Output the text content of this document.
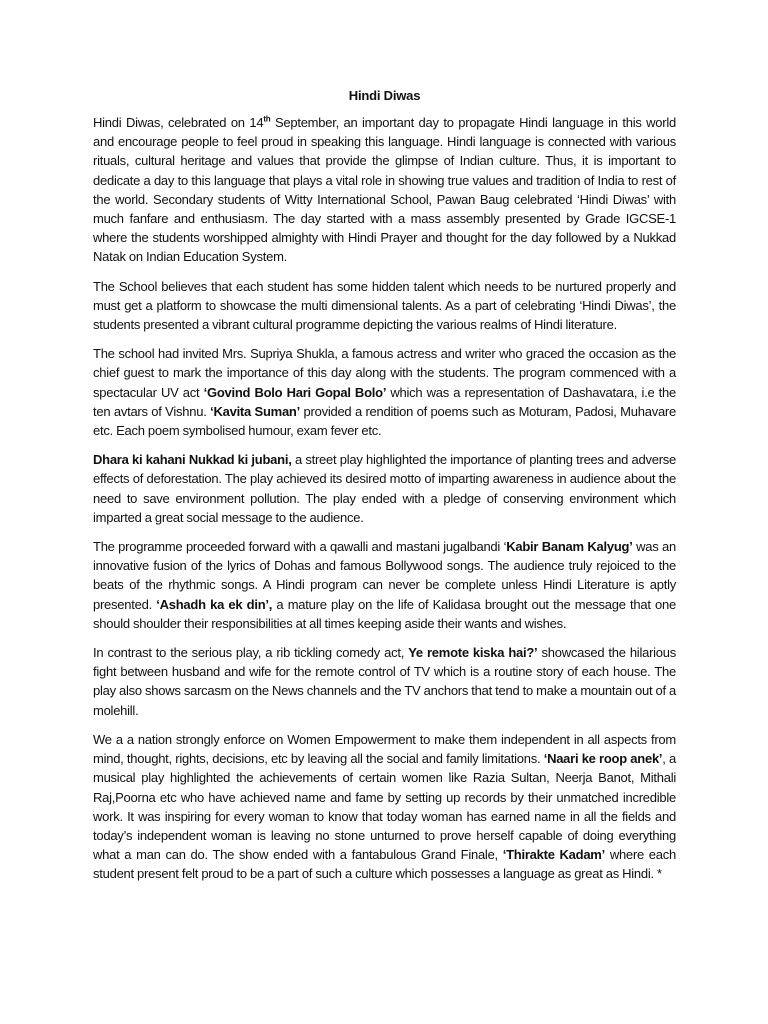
Hindi Diwas

Hindi Diwas, celebrated on 14th September, an important day to propagate Hindi language in this world and encourage people to feel proud in speaking this language. Hindi language is connected with various rituals, cultural heritage and values that provide the glimpse of Indian culture. Thus, it is important to dedicate a day to this language that plays a vital role in showing true values and tradition of India to rest of the world. Secondary students of Witty International School, Pawan Baug celebrated ‘Hindi Diwas’ with much fanfare and enthusiasm. The day started with a mass assembly presented by Grade IGCSE-1 where the students worshipped almighty with Hindi Prayer and thought for the day followed by a Nukkad Natak on Indian Education System.

The School believes that each student has some hidden talent which needs to be nurtured properly and must get a platform to showcase the multi dimensional talents. As a part of celebrating ‘Hindi Diwas’, the students presented a vibrant cultural programme depicting the various realms of Hindi literature.

The school had invited Mrs. Supriya Shukla, a famous actress and writer who graced the occasion as the chief guest to mark the importance of this day along with the students. The program commenced with a spectacular UV act ‘Govind Bolo Hari Gopal Bolo’ which was a representation of Dashavatara, i.e the ten avtars of Vishnu. ‘Kavita Suman’ provided a rendition of poems such as Moturam, Padosi, Muhavare etc. Each poem symbolised humour, exam fever etc.

Dhara ki kahani Nukkad ki jubani, a street play highlighted the importance of planting trees and adverse effects of deforestation. The play achieved its desired motto of imparting awareness in audience about the need to save environment pollution. The play ended with a pledge of conserving environment which imparted a great social message to the audience.

The programme proceeded forward with a qawalli and mastani jugalbandi ‘Kabir Banam Kalyug’ was an innovative fusion of the lyrics of Dohas and famous Bollywood songs. The audience truly rejoiced to the beats of the rhythmic songs. A Hindi program can never be complete unless Hindi Literature is aptly presented. ‘Ashadh ka ek din’, a mature play on the life of Kalidasa brought out the message that one should shoulder their responsibilities at all times keeping aside their wants and wishes.

In contrast to the serious play, a rib tickling comedy act, Ye remote kiska hai?’ showcased the hilarious fight between husband and wife for the remote control of TV which is a routine story of each house. The play also shows sarcasm on the News channels and the TV anchors that tend to make a mountain out of a molehill.

We a a nation strongly enforce on Women Empowerment to make them independent in all aspects from mind, thought, rights, decisions, etc by leaving all the social and family limitations. ‘Naari ke roop anek’, a musical play highlighted the achievements of certain women like Razia Sultan, Neerja Banot, Mithali Raj,Poorna etc who have achieved name and fame by setting up records by their unmatched incredible work. It was inspiring for every woman to know that today woman has earned name in all the fields and today’s independent woman is leaving no stone unturned to prove herself capable of doing everything what a man can do. The show ended with a fantabulous Grand Finale, ‘Thirakte Kadam’ where each student present felt proud to be a part of such a culture which possesses a language as great as Hindi. *
